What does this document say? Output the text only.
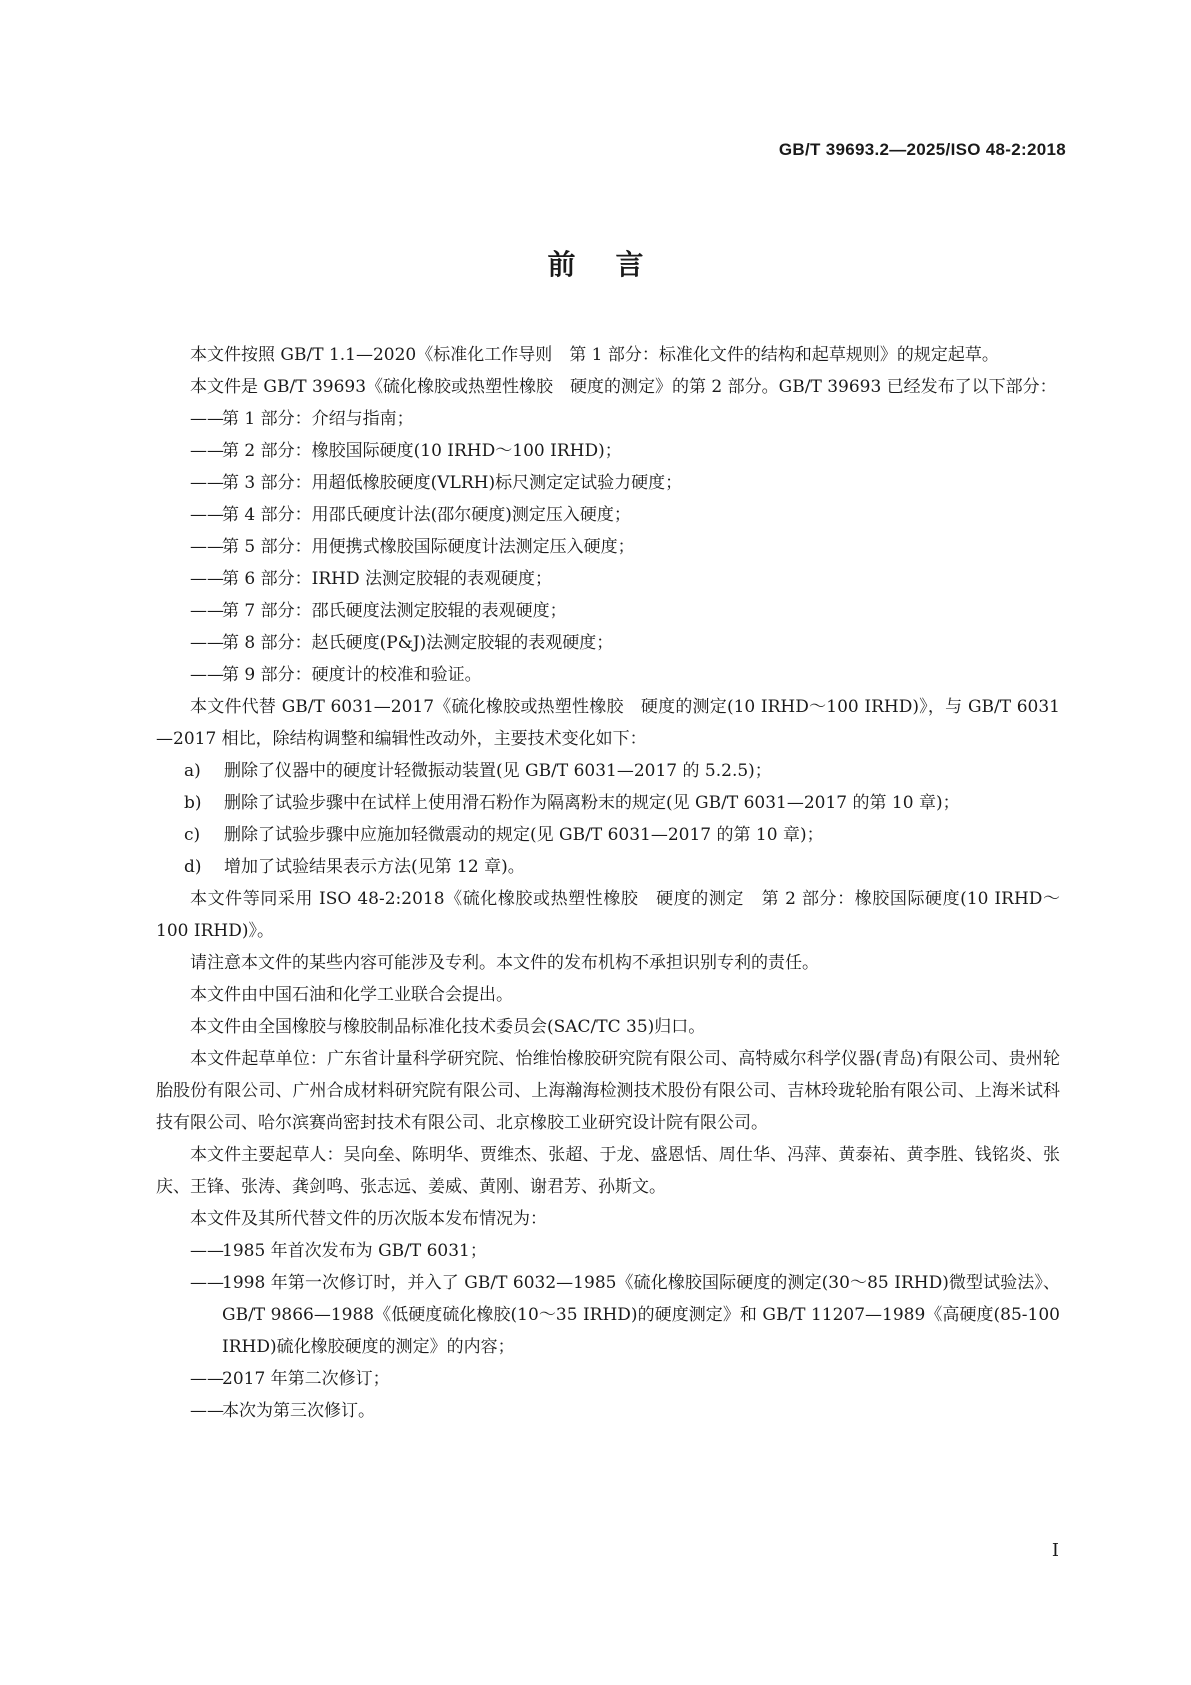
GB/T 39693.2—2025/ISO 48-2:2018
前言

本文件按照 GB/T 1.1—2020《标准化工作导则　第 1 部分：标准化文件的结构和起草规则》的规定起草。

本文件是 GB/T 39693《硫化橡胶或热塑性橡胶　硬度的测定》的第 2 部分。GB/T 39693 已经发布了以下部分：

——
第 1 部分：介绍与指南；

——
第 2 部分：橡胶国际硬度(10 IRHD～100 IRHD)；

——
第 3 部分：用超低橡胶硬度(VLRH)标尺测定定试验力硬度；

——
第 4 部分：用邵氏硬度计法(邵尔硬度)测定压入硬度；

——
第 5 部分：用便携式橡胶国际硬度计法测定压入硬度；

——
第 6 部分：IRHD 法测定胶辊的表观硬度；

——
第 7 部分：邵氏硬度法测定胶辊的表观硬度；

——
第 8 部分：赵氏硬度(P&J)法测定胶辊的表观硬度；

——
第 9 部分：硬度计的校准和验证。

本文件代替 GB/T 6031—2017《硫化橡胶或热塑性橡胶　硬度的测定(10 IRHD～100 IRHD)》，与 GB/T 6031—2017 相比，除结构调整和编辑性改动外，主要技术变化如下：

a) 删除了仪器中的硬度计轻微振动装置(见 GB/T 6031—2017 的 5.2.5)；

b) 删除了试验步骤中在试样上使用滑石粉作为隔离粉末的规定(见 GB/T 6031—2017 的第 10 章)；

c) 删除了试验步骤中应施加轻微震动的规定(见 GB/T 6031—2017 的第 10 章)；

d) 增加了试验结果表示方法(见第 12 章)。

本文件等同采用 ISO 48-2:2018《硫化橡胶或热塑性橡胶　硬度的测定　第 2 部分：橡胶国际硬度(10 IRHD～100 IRHD)》。

请注意本文件的某些内容可能涉及专利。本文件的发布机构不承担识别专利的责任。

本文件由中国石油和化学工业联合会提出。

本文件由全国橡胶与橡胶制品标准化技术委员会(SAC/TC 35)归口。

本文件起草单位：广东省计量科学研究院、怡维怡橡胶研究院有限公司、高特威尔科学仪器(青岛)有限公司、贵州轮胎股份有限公司、广州合成材料研究院有限公司、上海瀚海检测技术股份有限公司、吉林玲珑轮胎有限公司、上海米试科技有限公司、哈尔滨赛尚密封技术有限公司、北京橡胶工业研究设计院有限公司。

本文件主要起草人：吴向垒、陈明华、贾维杰、张超、于龙、盛恩恬、周仕华、冯萍、黄泰祐、黄李胜、钱铭炎、张庆、王锋、张涛、龚剑鸣、张志远、姜威、黄刚、谢君芳、孙斯文。

本文件及其所代替文件的历次版本发布情况为：

——
1985 年首次发布为 GB/T 6031；

——
1998 年第一次修订时，并入了 GB/T 6032—1985《硫化橡胶国际硬度的测定(30～85 IRHD)微型试验法》、GB/T 9866—1988《低硬度硫化橡胶(10～35 IRHD)的硬度测定》和 GB/T 11207—1989《高硬度(85-100 IRHD)硫化橡胶硬度的测定》的内容；

——
2017 年第二次修订；

——
本次为第三次修订。

I
